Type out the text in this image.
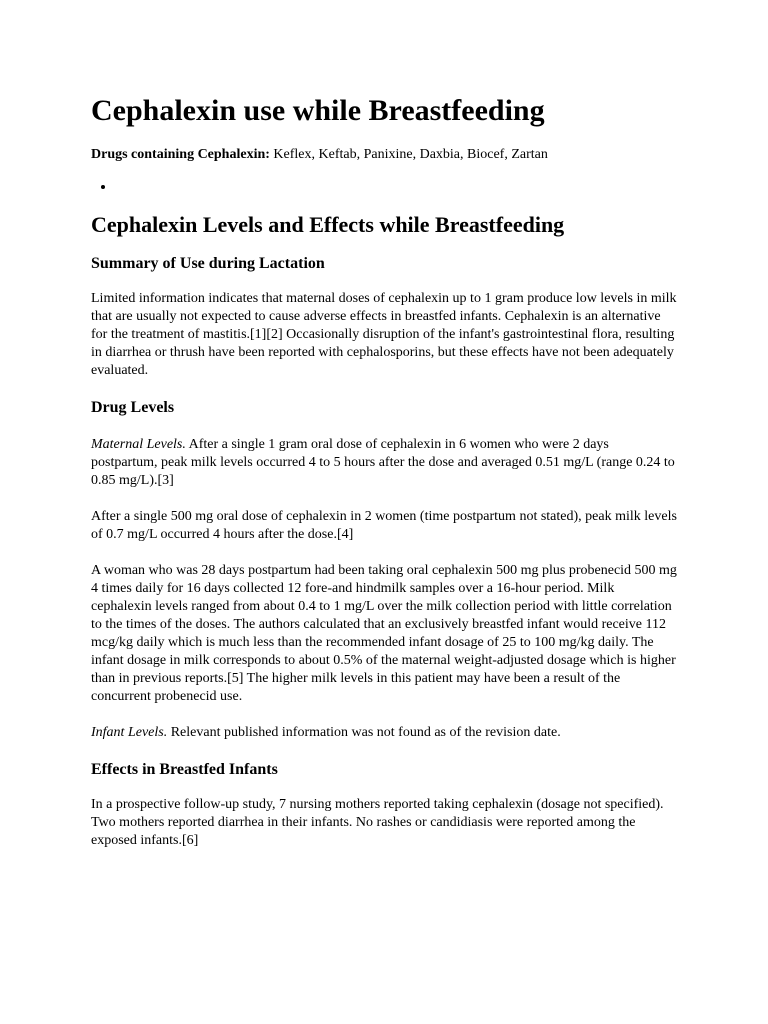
Cephalexin use while Breastfeeding

Drugs containing Cephalexin: Keflex, Keftab, Panixine, Daxbia, Biocef, Zartan

•
Cephalexin Levels and Effects while Breastfeeding
Summary of Use during Lactation

Limited information indicates that maternal doses of cephalexin up to 1 gram produce low levels in milk that are usually not expected to cause adverse effects in breastfed infants. Cephalexin is an alternative for the treatment of mastitis.[1][2] Occasionally disruption of the infant's gastrointestinal flora, resulting in diarrhea or thrush have been reported with cephalosporins, but these effects have not been adequately evaluated.

Drug Levels

Maternal Levels. After a single 1 gram oral dose of cephalexin in 6 women who were 2 days postpartum, peak milk levels occurred 4 to 5 hours after the dose and averaged 0.51 mg/L (range 0.24 to 0.85 mg/L).[3]

After a single 500 mg oral dose of cephalexin in 2 women (time postpartum not stated), peak milk levels of 0.7 mg/L occurred 4 hours after the dose.[4]

A woman who was 28 days postpartum had been taking oral cephalexin 500 mg plus probenecid 500 mg 4 times daily for 16 days collected 12 fore-and hindmilk samples over a 16-hour period. Milk cephalexin levels ranged from about 0.4 to 1 mg/L over the milk collection period with little correlation to the times of the doses. The authors calculated that an exclusively breastfed infant would receive 112 mcg/kg daily which is much less than the recommended infant dosage of 25 to 100 mg/kg daily. The infant dosage in milk corresponds to about 0.5% of the maternal weight-adjusted dosage which is higher than in previous reports.[5] The higher milk levels in this patient may have been a result of the concurrent probenecid use.

Infant Levels. Relevant published information was not found as of the revision date.

Effects in Breastfed Infants

In a prospective follow-up study, 7 nursing mothers reported taking cephalexin (dosage not specified). Two mothers reported diarrhea in their infants. No rashes or candidiasis were reported among the exposed infants.[6]
